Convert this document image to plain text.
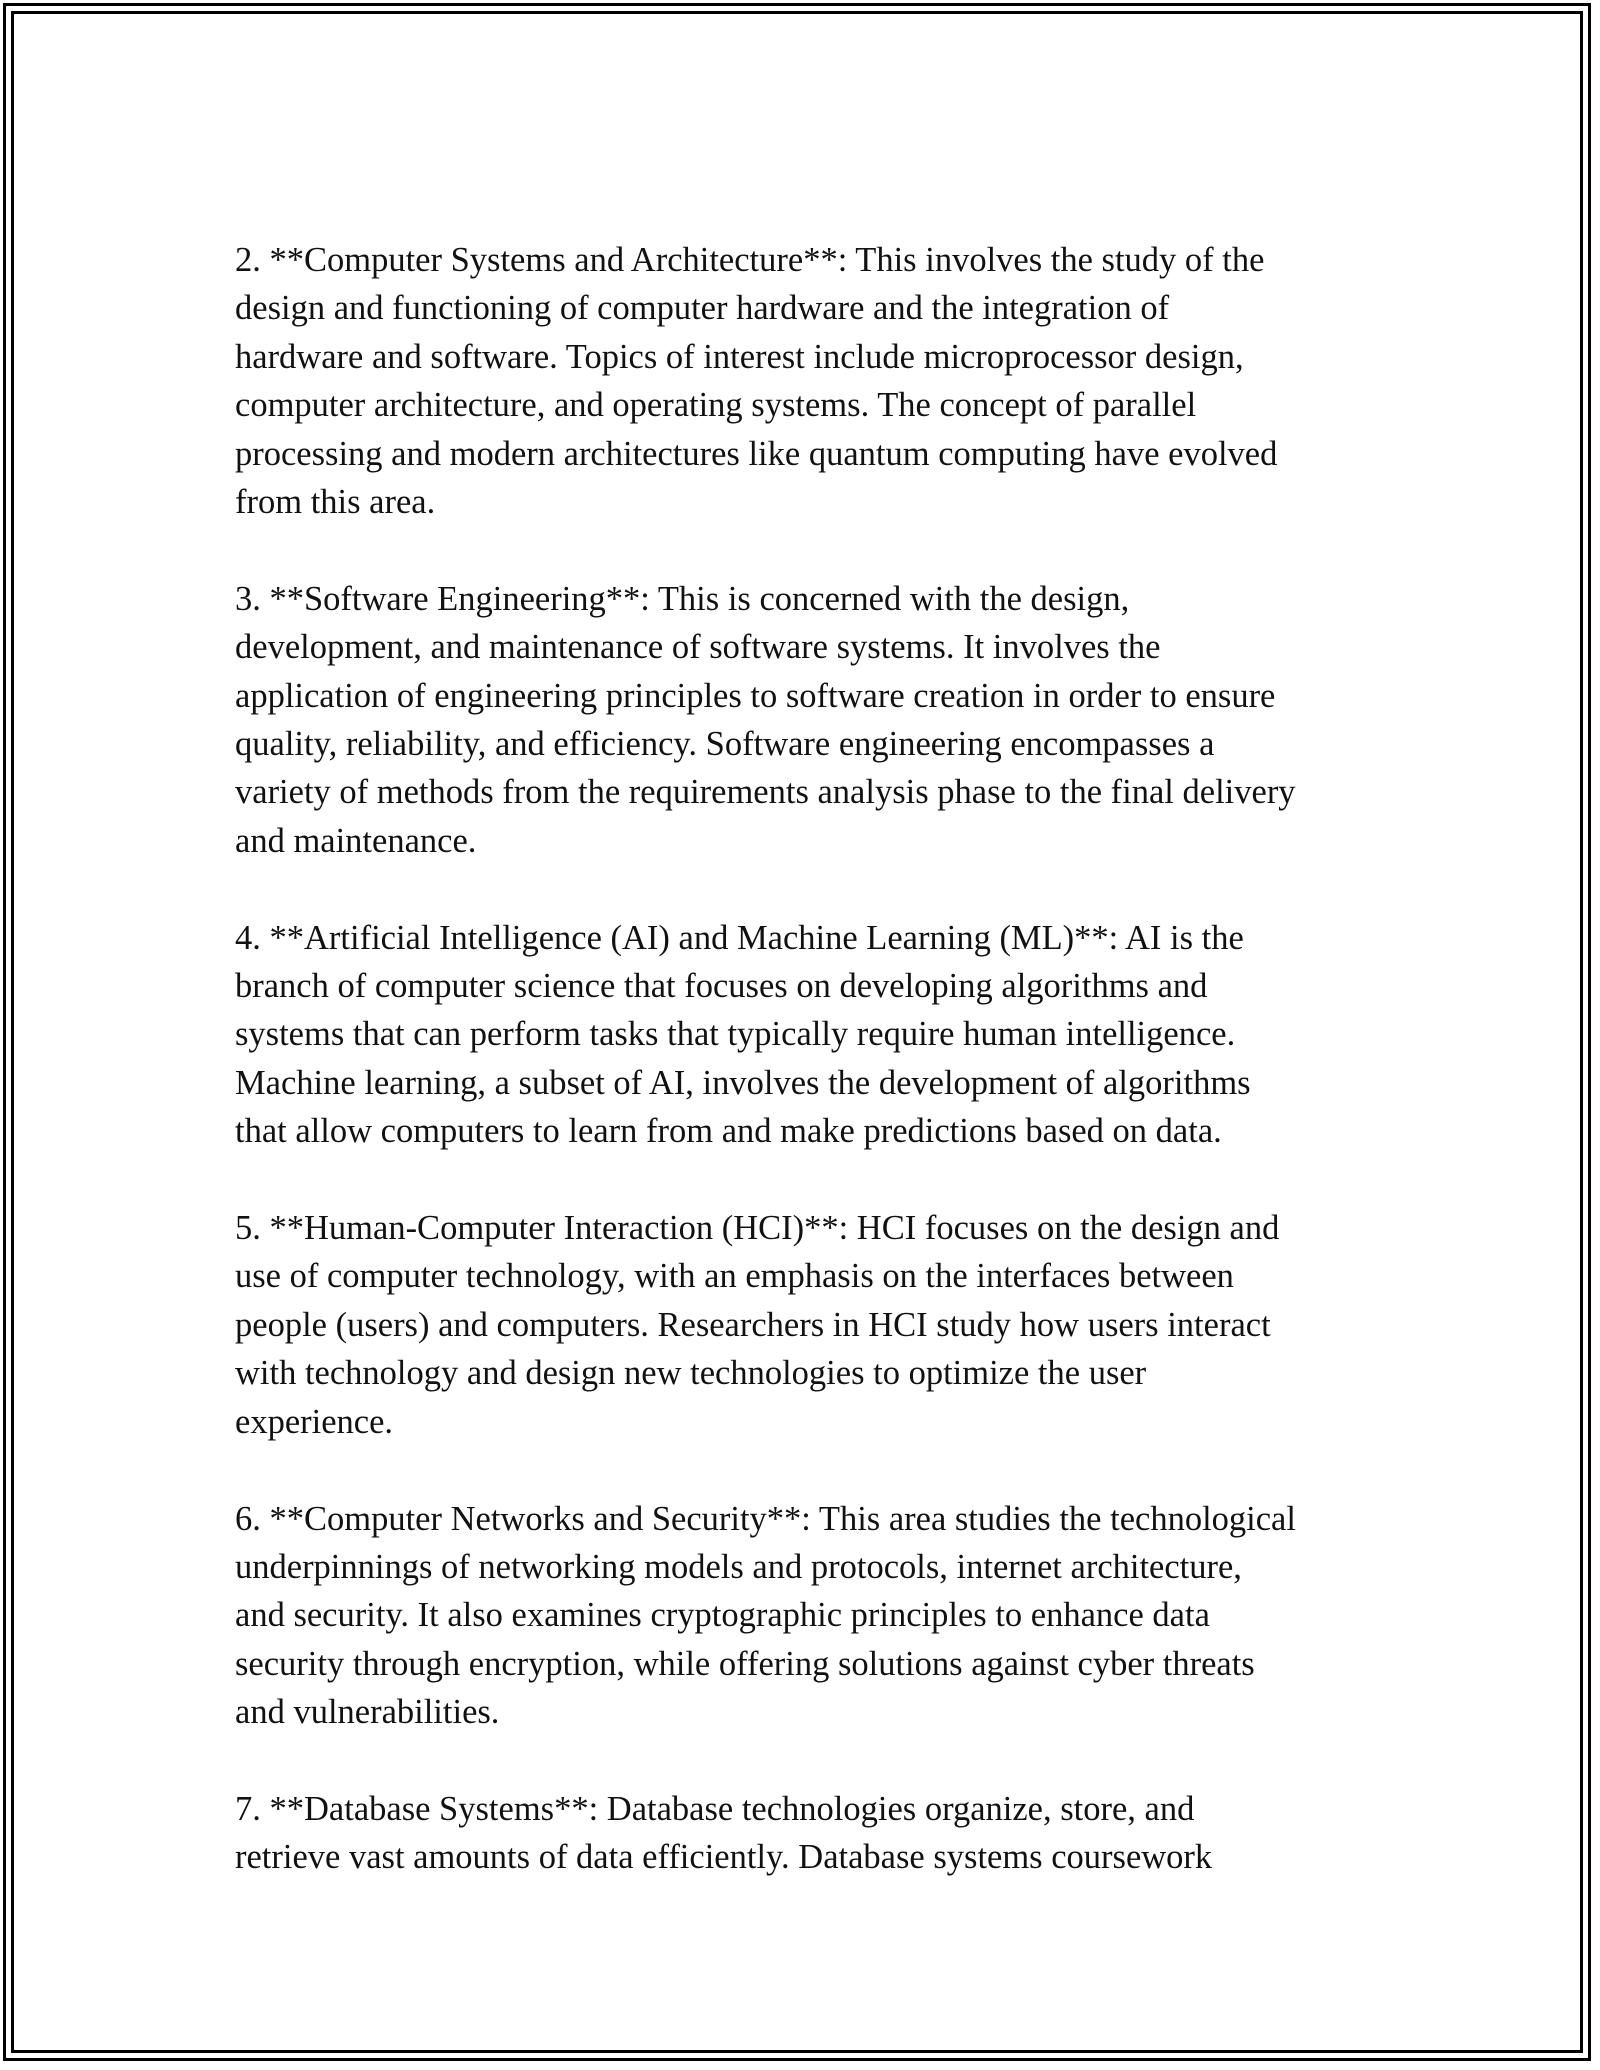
2. **Computer Systems and Architecture**: This involves the study of the
design and functioning of computer hardware and the integration of
hardware and software. Topics of interest include microprocessor design,
computer architecture, and operating systems. The concept of parallel
processing and modern architectures like quantum computing have evolved
from this area.
3. **Software Engineering**: This is concerned with the design,
development, and maintenance of software systems. It involves the
application of engineering principles to software creation in order to ensure
quality, reliability, and efficiency. Software engineering encompasses a
variety of methods from the requirements analysis phase to the final delivery
and maintenance.
4. **Artificial Intelligence (AI) and Machine Learning (ML)**: AI is the
branch of computer science that focuses on developing algorithms and
systems that can perform tasks that typically require human intelligence.
Machine learning, a subset of AI, involves the development of algorithms
that allow computers to learn from and make predictions based on data.
5. **Human-Computer Interaction (HCI)**: HCI focuses on the design and
use of computer technology, with an emphasis on the interfaces between
people (users) and computers. Researchers in HCI study how users interact
with technology and design new technologies to optimize the user
experience.
6. **Computer Networks and Security**: This area studies the technological
underpinnings of networking models and protocols, internet architecture,
and security. It also examines cryptographic principles to enhance data
security through encryption, while offering solutions against cyber threats
and vulnerabilities.
7. **Database Systems**: Database technologies organize, store, and
retrieve vast amounts of data efficiently. Database systems coursework
